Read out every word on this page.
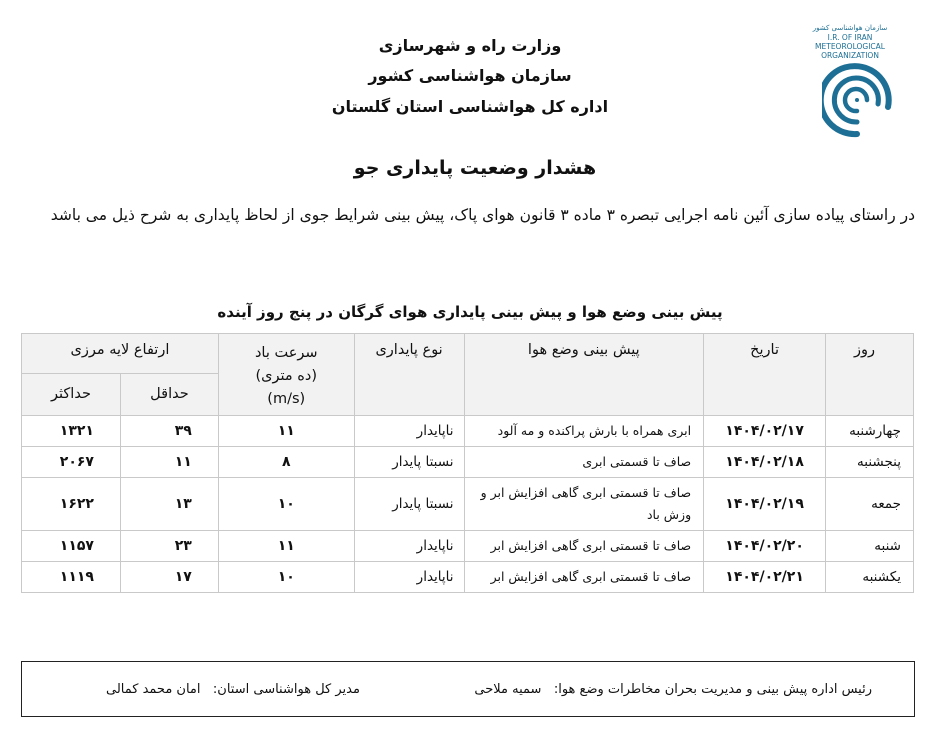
سازمان هواشناسی کشور
I.R. OF IRAN
METEOROLOGICAL
ORGANIZATION
وزارت راه و شهرسازی
سازمان هواشناسی کشور
اداره کل هواشناسی استان گلستان
هشدار وضعیت پایداری جو
در راستای پیاده سازی آئین نامه اجرایی تبصره ۳ ماده ۳ قانون هوای پاک، پیش بینی شرایط جوی از لحاظ پایداری به شرح ذیل می باشد
پیش بینی وضع هوا و پیش بینی پایداری هوای گرگان در پنج روز آینده
روز	تاریخ	پیش بینی وضع هوا	نوع پایداری	سرعت باد
(ده متری)
(m/s)	ارتفاع لایه مرزی	
					حداقل	حداکثر
چهارشنبه	۱۴۰۴/۰۲/۱۷	ابری همراه با بارش پراکنده و مه آلود	ناپایدار	۱۱	۳۹	۱۳۲۱
پنجشنبه	۱۴۰۴/۰۲/۱۸	صاف تا قسمتی ابری	نسبتا پایدار	۸	۱۱	۲۰۶۷
جمعه	۱۴۰۴/۰۲/۱۹	صاف تا قسمتی ابری گاهی افزایش ابر و وزش باد	نسبتا پایدار	۱۰	۱۳	۱۶۲۲
شنبه	۱۴۰۴/۰۲/۲۰	صاف تا قسمتی ابری گاهی افزایش ابر	ناپایدار	۱۱	۲۳	۱۱۵۷
یکشنبه	۱۴۰۴/۰۲/۲۱	صاف تا قسمتی ابری گاهی افزایش ابر	ناپایدار	۱۰	۱۷	۱۱۱۹
رئیس اداره پیش بینی و مدیریت بحران مخاطرات وضع هوا:   سمیه ملاحی
مدیر کل هواشناسی استان:   امان محمد کمالی
